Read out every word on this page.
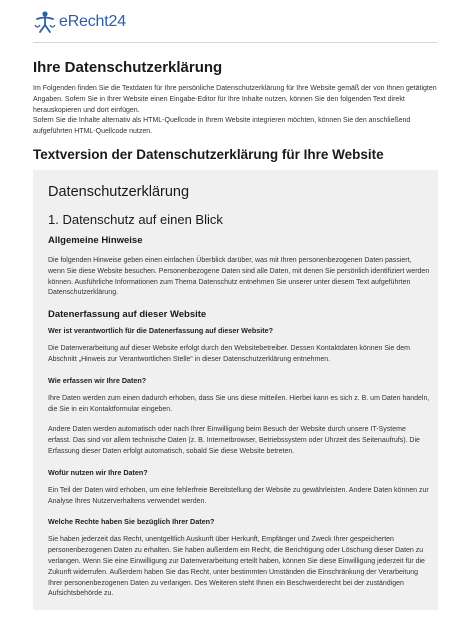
eRecht24
Ihre Datenschutzerklärung

Im Folgenden finden Sie die Textdaten für Ihre persönliche Datenschutzerklärung für Ihre Website gemäß der von Ihnen getätigten Angaben. Sofern Sie in Ihrer Website einen Eingabe-Editor für Ihre Inhalte nutzen, können Sie den folgenden Text direkt herauskopieren und dort einfügen.

Sofern Sie die Inhalte alternativ als HTML-Quellcode in Ihrem Website integrieren möchten, können Sie den anschließend aufgeführten HTML-Quellcode nutzen.

Textversion der Datenschutzerklärung für Ihre Website
Datenschutzerklärung
1. Datenschutz auf einen Blick
Allgemeine Hinweise

Die folgenden Hinweise geben einen einfachen Überblick darüber, was mit Ihren personenbezogenen Daten passiert, wenn Sie diese Website besuchen. Personenbezogene Daten sind alle Daten, mit denen Sie persönlich identifiziert werden können. Ausführliche Informationen zum Thema Datenschutz entnehmen Sie unserer unter diesem Text aufgeführten Datenschutzerklärung.

Datenerfassung auf dieser Website
Wer ist verantwortlich für die Datenerfassung auf dieser Website?

Die Datenverarbeitung auf dieser Website erfolgt durch den Websitebetreiber. Dessen Kontaktdaten können Sie dem Abschnitt „Hinweis zur Verantwortlichen Stelle“ in dieser Datenschutzerklärung entnehmen.

Wie erfassen wir Ihre Daten?

Ihre Daten werden zum einen dadurch erhoben, dass Sie uns diese mitteilen. Hierbei kann es sich z. B. um Daten handeln, die Sie in ein Kontaktformular eingeben.

Andere Daten werden automatisch oder nach Ihrer Einwilligung beim Besuch der Website durch unsere IT-Systeme erfasst. Das sind vor allem technische Daten (z. B. Internetbrowser, Betriebssystem oder Uhrzeit des Seitenaufrufs). Die Erfassung dieser Daten erfolgt automatisch, sobald Sie diese Website betreten.

Wofür nutzen wir Ihre Daten?

Ein Teil der Daten wird erhoben, um eine fehlerfreie Bereitstellung der Website zu gewährleisten. Andere Daten können zur Analyse Ihres Nutzerverhaltens verwendet werden.

Welche Rechte haben Sie bezüglich Ihrer Daten?

Sie haben jederzeit das Recht, unentgeltlich Auskunft über Herkunft, Empfänger und Zweck Ihrer gespeicherten personenbezogenen Daten zu erhalten. Sie haben außerdem ein Recht, die Berichtigung oder Löschung dieser Daten zu verlangen. Wenn Sie eine Einwilligung zur Datenverarbeitung erteilt haben, können Sie diese Einwilligung jederzeit für die Zukunft widerrufen. Außerdem haben Sie das Recht, unter bestimmten Umständen die Einschränkung der Verarbeitung Ihrer personenbezogenen Daten zu verlangen. Des Weiteren steht Ihnen ein Beschwerderecht bei der zuständigen Aufsichtsbehörde zu.
